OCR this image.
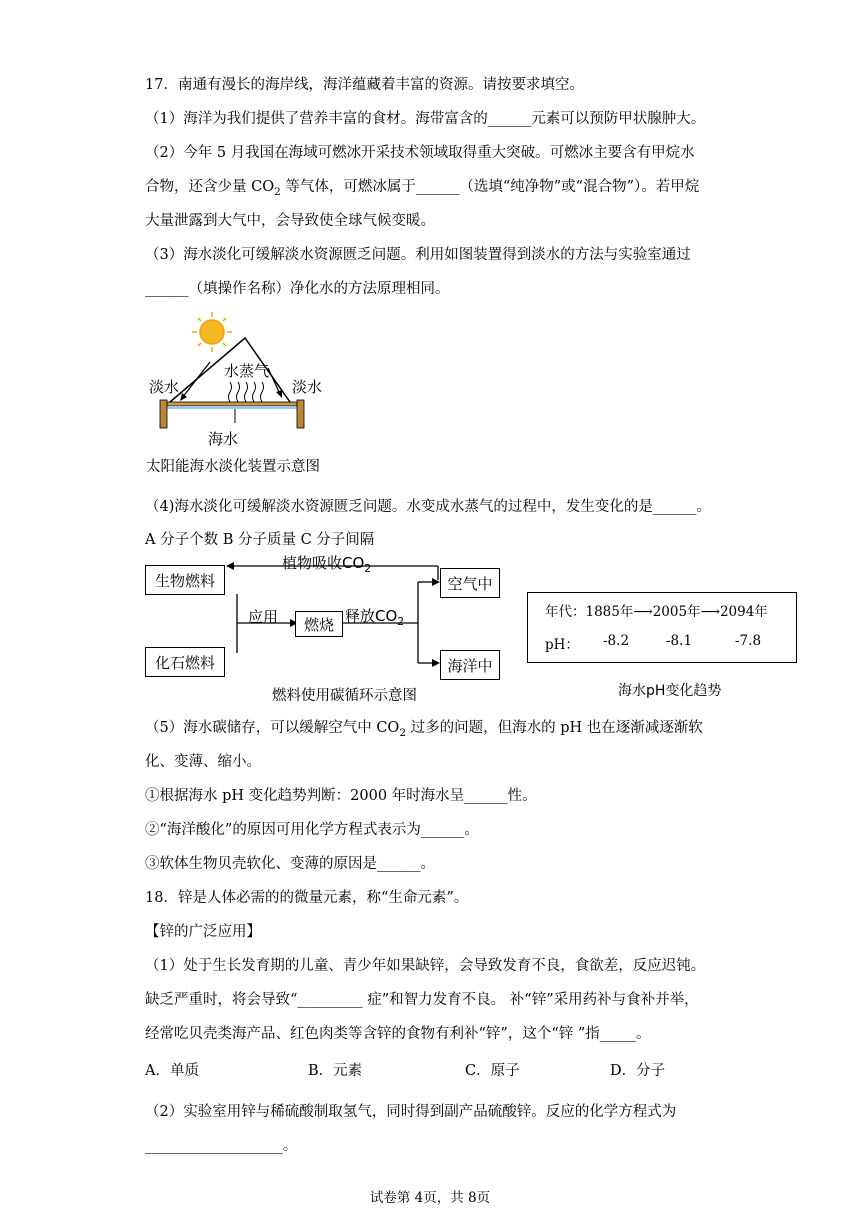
17．南通有漫长的海岸线，海洋蕴藏着丰富的资源。请按要求填空。
（1）海洋为我们提供了营养丰富的食材。海带富含的______元素可以预防甲状腺肿大。
（2）今年 5 月我国在海域可燃冰开采技术领域取得重大突破。可燃冰主要含有甲烷水
合物，还含少量 $CO_2$ 等气体，可燃冰属于______（选填“纯净物”或“混合物”）。若甲烷
大量泄露到大气中，会导致使全球气候变暖。
（3）海水淡化可缓解淡水资源匮乏问题。利用如图装置得到淡水的方法与实验室通过
______（填操作名称）净化水的方法原理相同。
淡水	淡水
水蒸气
海水
太阳能海水淡化装置示意图
（4)海水淡化可缓解淡水资源匮乏问题。水变成水蒸气的过程中，发生变化的是______。
A 分子个数 B 分子质量 C 分子间隔
生物燃料
化石燃料
燃烧
空气中
海洋中
植物吸收$CO_2$
应用	释放$CO_2$
燃料使用碳循环示意图
年代：1885年⟶2005年⟶2094年
pH： -8.2	-8.1	-7.8
海水pH变化趋势
（5）海水碳储存，可以缓解空气中 $CO_2$ 过多的问题，但海水的 pH 也在逐渐减逐渐软
化、变薄、缩小。
①根据海水 pH 变化趋势判断：2000 年时海水呈______性。
②“海洋酸化”的原因可用化学方程式表示为______。
③软体生物贝壳软化、变薄的原因是______。
18．锌是人体必需的的微量元素，称“生命元素”。
【锌的广泛应用】
（1）处于生长发育期的儿童、青少年如果缺锌，会导致发育不良，食欲差，反应迟钝。
缺乏严重时，将会导致“_________ 症”和智力发育不良。 补“锌”采用药补与食补并举，
经常吃贝壳类海产品、红色肉类等含锌的食物有利补“锌”，这个“锌 ”指_____。
A．单质	B．元素	C．原子	D．分子
（2）实验室用锌与稀硫酸制取氢气，同时得到副产品硫酸锌。反应的化学方程式为
___________________。
试卷第 4页，共 8页
